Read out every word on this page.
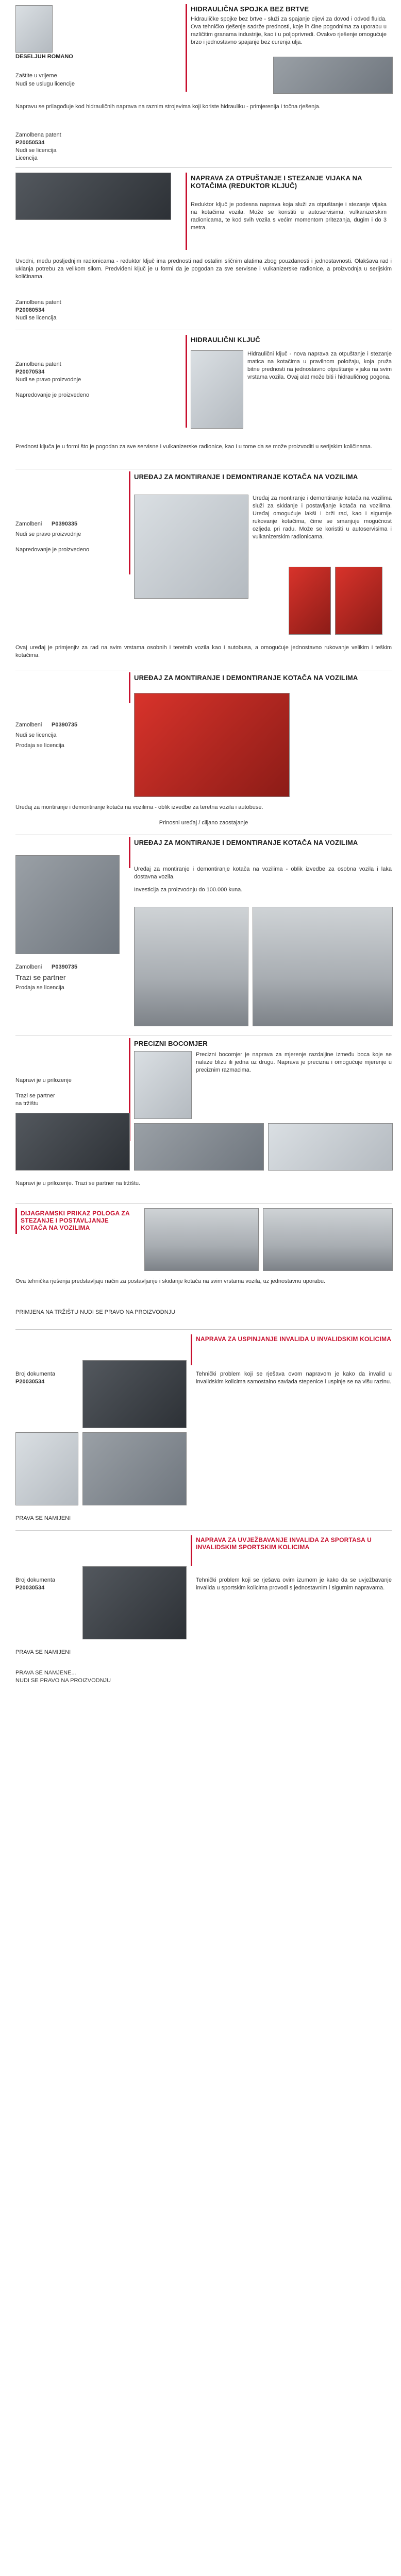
DESELJUH ROMANO
Zaštite u vrijeme
Nudi se uslugu licencije
HIDRAULIČNA SPOJKA BEZ BRTVE
Hidrauličke spojke bez brtve - služi za spajanje cijevi za dovod i odvod fluida. Ova tehničko rješenje sadrže prednosti, koje ih čine pogodnima za uporabu u različitim granama industrije, kao i u poljoprivredi. Ovakvo rješenje omogućuje brzo i jednostavno spajanje bez curenja ulja.
Napravu se prilagođuje kod hidrauličnih naprava na raznim strojevima koji koriste hidrauliku - primjerenija i točna rješenja.
Zamolbena patent
P20050534
Nudi se licencija
Licencija
NAPRAVA ZA OTPUŠTANJE I STEZANJE VIJAKA NA KOTAČIMA (REDUKTOR KLJUČ)
Reduktor ključ je podesna naprava koja služi za otpuštanje i stezanje vijaka na kotačima vozila. Može se koristiti u autoservisima, vulkanizerskim radionicama, te kod svih vozila s većim momentom pritezanja, dugim i do 3 metra.
Uvodni, među posljednjim radionicama - reduktor ključ ima prednosti nad ostalim sličnim alatima zbog pouzdanosti i jednostavnosti. Olakšava rad i uklanja potrebu za velikom silom. Predviđeni ključ je u formi da je pogodan za sve servisne i vulkanizerske radionice, a proizvodnja u serijskim količinama.
Zamolbena patent
P20080534
Nudi se licencija
HIDRAULIČNI KLJUČ
Hidraulični ključ - nova naprava za otpuštanje i stezanje matica na kotačima u pravilnom položaju, koja pruža bitne prednosti na jednostavno otpuštanje vijaka na svim vrstama vozila. Ovaj alat može biti i hidrauličnog pogona.
Zamolbena patent
P20070534
Nudi se pravo proizvodnje
Napredovanje je proizvedeno
Prednost ključa je u formi što je pogodan za sve servisne i vulkanizerske radionice, kao i u tome da se može proizvoditi u serijskim količinama.
UREĐAJ ZA MONTIRANJE I DEMONTIRANJE KOTAČA NA VOZILIMA
Uređaj za montiranje i demontiranje kotača na vozilima služi za skidanje i postavljanje kotača na vozilima. Uređaj omogućuje lakši i brži rad, kao i sigurnije rukovanje kotačima, čime se smanjuje mogućnost ozljeda pri radu. Može se koristiti u autoservisima i vulkanizerskim radionicama.
Zamolbeni P0390335
Nudi se pravo proizvodnje
Napredovanje je proizvedeno
Ovaj uređaj je primjenjiv za rad na svim vrstama osobnih i teretnih vozila kao i autobusa, a omogućuje jednostavno rukovanje velikim i teškim kotačima.
UREĐAJ ZA MONTIRANJE I DEMONTIRANJE KOTAČA NA VOZILIMA
Zamolbeni P0390735
Nudi se licencija
Prodaja se licencija
Uređaj za montiranje i demontiranje kotača na vozilima - oblik izvedbe za teretna vozila i autobuse.
Prinosni uređaj / ciljano zaostajanje
UREĐAJ ZA MONTIRANJE I DEMONTIRANJE KOTAČA NA VOZILIMA
Uređaj za montiranje i demontiranje kotača na vozilima - oblik izvedbe za osobna vozila i laka dostavna vozila.
Investicija za proizvodnju do 100.000 kuna.
Zamolbeni P0390735
Trazi se partner
Prodaja se licencija
PRECIZNI BOCOMJER
Precizni bocomjer je naprava za mjerenje razdaljine između boca koje se nalaze blizu ili jedna uz drugu. Naprava je precizna i omogućuje mjerenje u preciznim razmacima.
Napravi je u prilozenje
Trazi se partner
na tržištu
Napravi je u prilozenje. Trazi se partner na tržištu.
DIJAGRAMSKI PRIKAZ POLOGA ZA STEZANJE I POSTAVLJANJE KOTAČA NA VOZILIMA
Ova tehnička rješenja predstavljaju način za postavljanje i skidanje kotača na svim vrstama vozila, uz jednostavnu uporabu.
PRIMJENA NA TRŽIŠTU NUDI SE PRAVO NA PROIZVODNJU
NAPRAVA ZA USPINJANJE INVALIDA U INVALIDSKIM KOLICIMA
Broj dokumenta
P20030534
Tehnički problem koji se rješava ovom napravom je kako da invalid u invalidskim kolicima samostalno savlada stepenice i uspinje se na višu razinu.
PRAVA SE NAMIJENI
NAPRAVA ZA UVJEŽBAVANJE INVALIDA ZA SPORTASA U INVALIDSKIM SPORTSKIM KOLICIMA
Broj dokumenta
P20030534
Tehnički problem koji se rješava ovim izumom je kako da se uvježbavanje invalida u sportskim kolicima provodi s jednostavnim i sigurnim napravama.
PRAVA SE NAMIJENI
PRAVA SE NAMJENE...
NUDI SE PRAVO NA PROIZVODNJU
